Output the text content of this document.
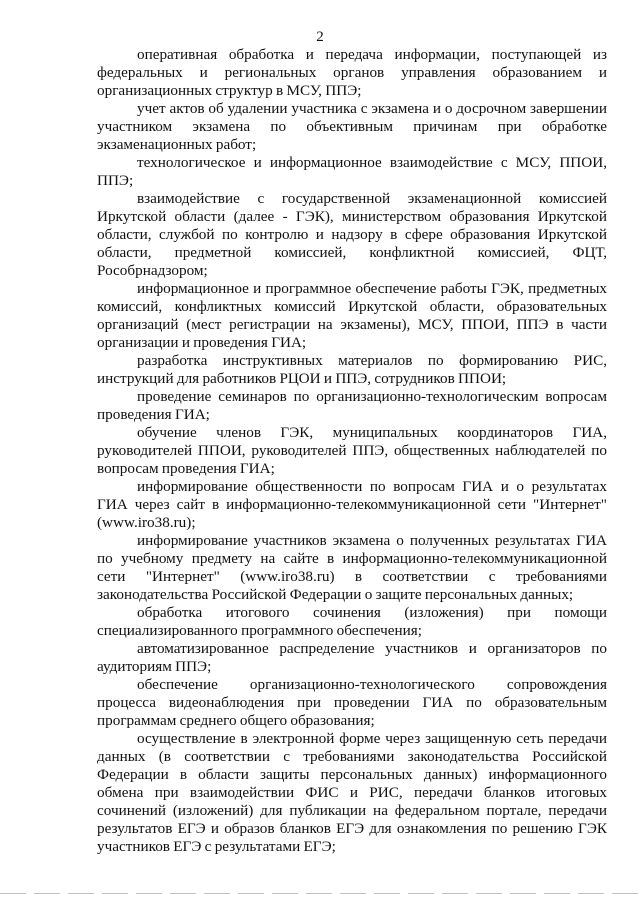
2

оперативная обработка и передача информации, поступающей из федеральных и региональных органов управления образованием и организационных структур в МСУ, ППЭ;

учет актов об удалении участника с экзамена и о досрочном завершении участником экзамена по объективным причинам при обработке экзаменационных работ;

технологическое и информационное взаимодействие с МСУ, ППОИ, ППЭ;

взаимодействие с государственной экзаменационной комиссией Иркутской области (далее - ГЭК), министерством образования Иркутской области, службой по контролю и надзору в сфере образования Иркутской области, предметной комиссией, конфликтной комиссией, ФЦТ, Рособрнадзором;

информационное и программное обеспечение работы ГЭК, предметных комиссий, конфликтных комиссий Иркутской области, образовательных организаций (мест регистрации на экзамены), МСУ, ППОИ, ППЭ в части организации и проведения ГИА;

разработка инструктивных материалов по формированию РИС, инструкций для работников РЦОИ и ППЭ, сотрудников ППОИ;

проведение семинаров по организационно-технологическим вопросам проведения ГИА;

обучение членов ГЭК, муниципальных координаторов ГИА, руководителей ППОИ, руководителей ППЭ, общественных наблюдателей по вопросам проведения ГИА;

информирование общественности по вопросам ГИА и о результатах ГИА через сайт в информационно-телекоммуникационной сети "Интернет" (www.iro38.ru);

информирование участников экзамена о полученных результатах ГИА по учебному предмету на сайте в информационно-телекоммуникационной сети "Интернет" (www.iro38.ru) в соответствии с требованиями законодательства Российской Федерации о защите персональных данных;

обработка итогового сочинения (изложения) при помощи специализированного программного обеспечения;

автоматизированное распределение участников и организаторов по аудиториям ППЭ;

обеспечение организационно-технологического сопровождения процесса видеонаблюдения при проведении ГИА по образовательным программам среднего общего образования;

осуществление в электронной форме через защищенную сеть передачи данных (в соответствии с требованиями законодательства Российской Федерации в области защиты персональных данных) информационного обмена при взаимодействии ФИС и РИС, передачи бланков итоговых сочинений (изложений) для публикации на федеральном портале, передачи результатов ЕГЭ и образов бланков ЕГЭ для ознакомления по решению ГЭК участников ЕГЭ с результатами ЕГЭ;
